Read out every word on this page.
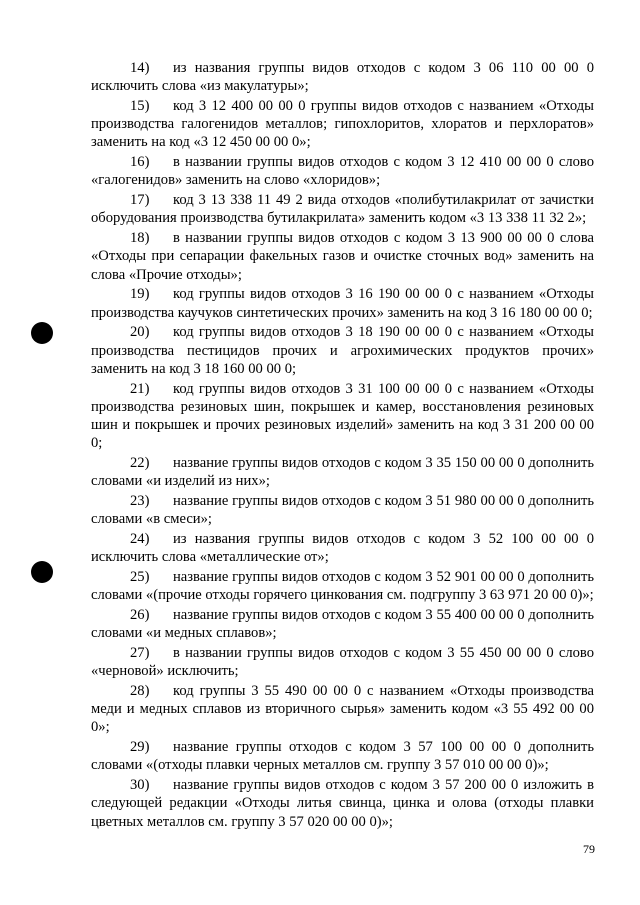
14) из названия группы видов отходов с кодом 3 06 110 00 00 0 исключить слова «из макулатуры»;

15) код 3 12 400 00 00 0 группы видов отходов с названием «Отходы производства галогенидов металлов; гипохлоритов, хлоратов и перхлоратов» заменить на код «3 12 450 00 00 0»;

16) в названии группы видов отходов с кодом 3 12 410 00 00 0 слово «галогенидов» заменить на слово «хлоридов»;

17) код 3 13 338 11 49 2 вида отходов «полибутилакрилат от зачистки оборудования производства бутилакрилата» заменить кодом «3 13 338 11 32 2»;

18) в названии группы видов отходов с кодом 3 13 900 00 00 0 слова «Отходы при сепарации факельных газов и очистке сточных вод» заменить на слова «Прочие отходы»;

19) код группы видов отходов 3 16 190 00 00 0 с названием «Отходы производства каучуков синтетических прочих» заменить на код 3 16 180 00 00 0;

20) код группы видов отходов 3 18 190 00 00 0 с названием «Отходы производства пестицидов прочих и агрохимических продуктов прочих» заменить на код 3 18 160 00 00 0;

21) код группы видов отходов 3 31 100 00 00 0 с названием «Отходы производства резиновых шин, покрышек и камер, восстановления резиновых шин и покрышек и прочих резиновых изделий» заменить на код 3 31 200 00 00 0;

22) название группы видов отходов с кодом 3 35 150 00 00 0 дополнить словами «и изделий из них»;

23) название группы видов отходов с кодом 3 51 980 00 00 0 дополнить словами «в смеси»;

24) из названия группы видов отходов с кодом 3 52 100 00 00 0 исключить слова «металлические от»;

25) название группы видов отходов с кодом 3 52 901 00 00 0 дополнить словами «(прочие отходы горячего цинкования см. подгруппу 3 63 971 20 00 0)»;

26) название группы видов отходов с кодом 3 55 400 00 00 0 дополнить словами «и медных сплавов»;

27) в названии группы видов отходов с кодом 3 55 450 00 00 0 слово «черновой» исключить;

28) код группы 3 55 490 00 00 0 с названием «Отходы производства меди и медных сплавов из вторичного сырья» заменить кодом «3 55 492 00 00 0»;

29) название группы отходов с кодом 3 57 100 00 00 0 дополнить словами «(отходы плавки черных металлов см. группу 3 57 010 00 00 0)»;

30) название группы видов отходов с кодом 3 57 200 00 0 изложить в следующей редакции «Отходы литья свинца, цинка и олова (отходы плавки цветных металлов см. группу 3 57 020 00 00 0)»;

79
